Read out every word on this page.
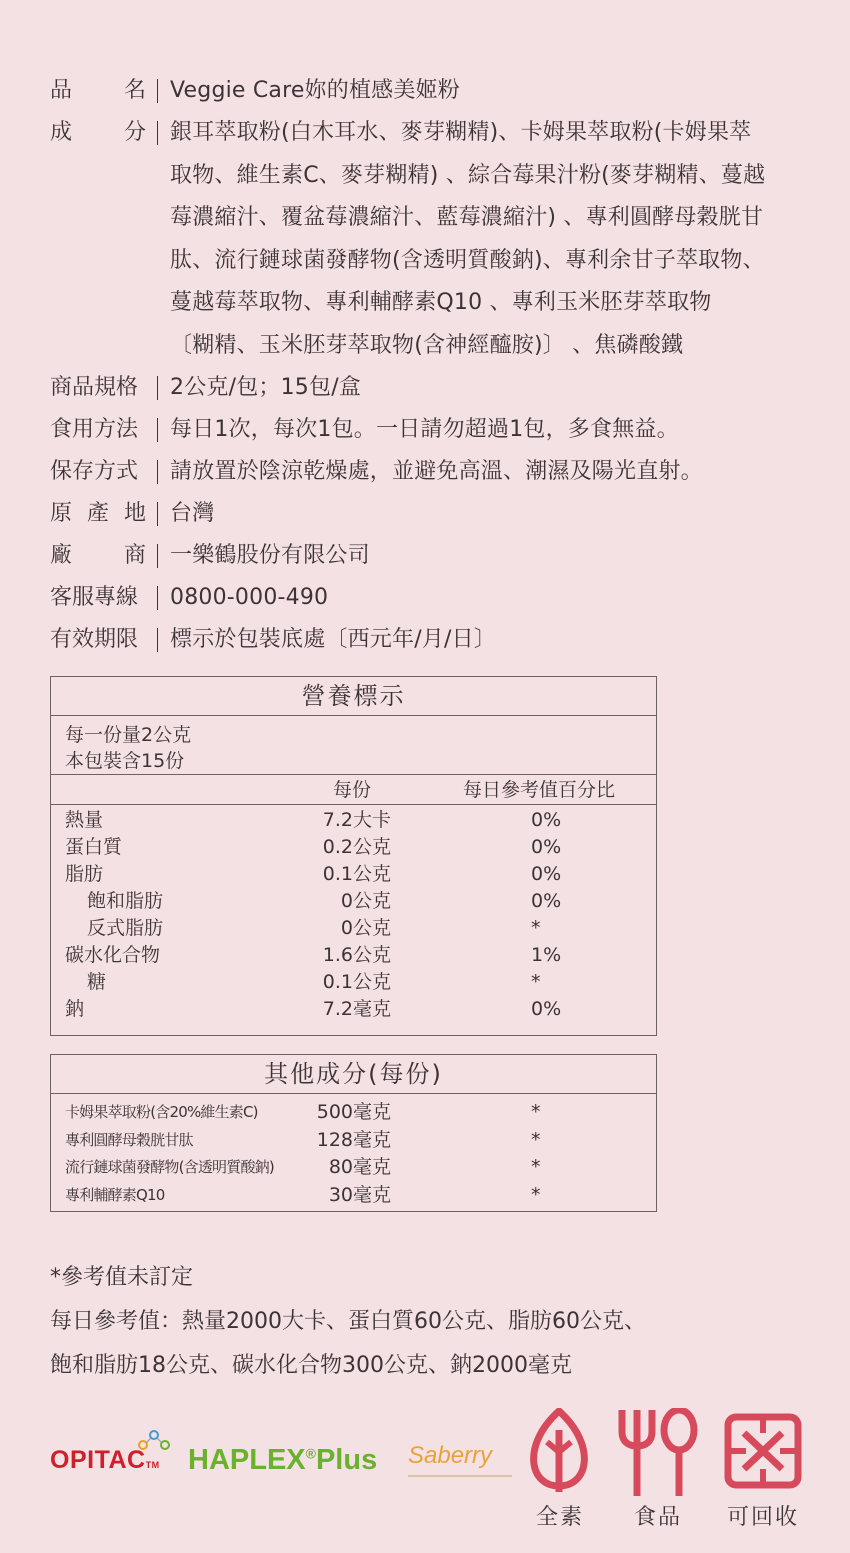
品 名 Veggie Care妳的植感美姬粉
成 分 銀耳萃取粉(白木耳水、麥芽糊精)、卡姆果萃取粉(卡姆果萃
取物、維生素C、麥芽糊精) 、綜合莓果汁粉(麥芽糊精、蔓越
莓濃縮汁、覆盆莓濃縮汁、藍莓濃縮汁) 、專利圓酵母穀胱甘
肽、流行鏈球菌發酵物(含透明質酸鈉)、專利余甘子萃取物、
蔓越莓萃取物、專利輔酵素Q10 、專利玉米胚芽萃取物
〔糊精、玉米胚芽萃取物(含神經醯胺)〕 、焦磷酸鐵
商品規格 2公克/包；15包/盒
食用方法 每日1次，每次1包。一日請勿超過1包，多食無益。
保存方式 請放置於陰涼乾燥處，並避免高溫、潮濕及陽光直射。
原 產 地 台灣
廠 商 一樂鶴股份有限公司
客服專線 0800-000-490
有效期限 標示於包裝底處〔西元年/月/日〕
營養標示
每一份量2公克
本包裝含15份
每份	每日參考值百分比
熱量	7.2大卡	0%
蛋白質	0.2公克	0%
脂肪	0.1公克	0%
飽和脂肪	0公克	0%
反式脂肪	0公克	*
碳水化合物	1.6公克	1%
糖	0.1公克	*
鈉	7.2毫克	0%
其他成分(每份)
卡姆果萃取粉(含20%維生素C)	500毫克	*
專利圓酵母穀胱甘肽	128毫克	*
流行鏈球菌發酵物(含透明質酸鈉)	80毫克	*
專利輔酵素Q10	30毫克	*
*參考值未訂定
每日參考值：熱量2000大卡、蛋白質60公克、脂肪60公克、
飽和脂肪18公克、碳水化合物300公克、鈉2000毫克
OPITACTM HAPLEX®Plus Saberry
全素 食品 可回收
